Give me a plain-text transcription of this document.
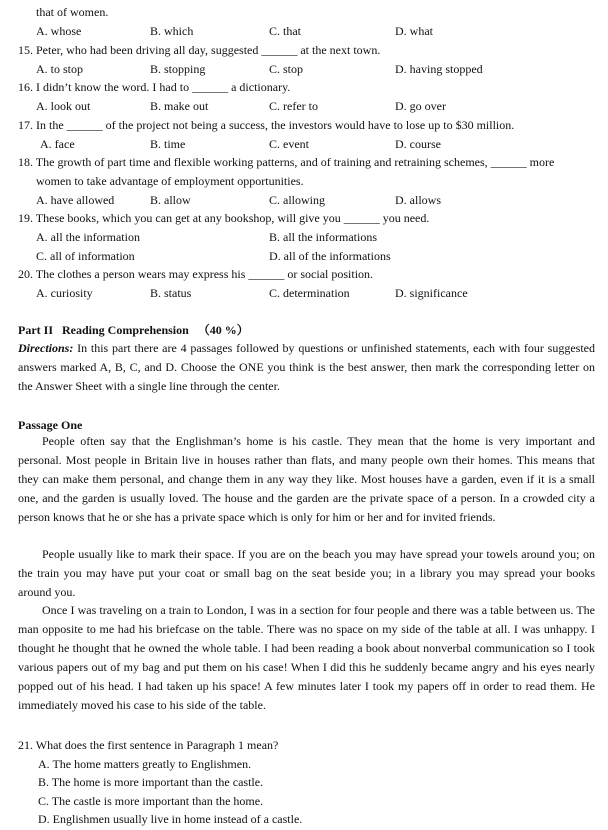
that of women.
A. whose	B. which	C. that	D. what
15. Peter, who had been driving all day, suggested ______ at the next town.
A. to stop	B. stopping	C. stop	D. having stopped
16. I didn’t know the word. I had to ______ a dictionary.
A. look out	B. make out	C. refer to	D. go over
17. In the ______ of the project not being a success, the investors would have to lose up to $30 million.
A. face	B. time	C. event	D. course
18. The growth of part time and flexible working patterns, and of training and retraining schemes, ______ more
women to take advantage of employment opportunities.
A. have allowed	B. allow	C. allowing	D. allows
19. These books, which you can get at any bookshop, will give you ______ you need.
A. all the information	B. all the informations
C. all of information	D. all of the informations
20. The clothes a person wears may express his ______ or social position.
A. curiosity	B. status	C. determination	D. significance
Part II   Reading Comprehension   （40 %）
Directions: In this part there are 4 passages followed by questions or unfinished statements, each with four suggested answers marked A, B, C, and D. Choose the ONE you think is the best answer, then mark the corresponding letter on the Answer Sheet with a single line through the center.
Passage One
People often say that the Englishman’s home is his castle. They mean that the home is very important and personal. Most people in Britain live in houses rather than flats, and many people own their homes. This means that they can make them personal, and change them in any way they like. Most houses have a garden, even if it is a small one, and the garden is usually loved. The house and the garden are the private space of a person. In a crowded city a person knows that he or she has a private space which is only for him or her and for invited friends.
People usually like to mark their space. If you are on the beach you may have spread your towels around you; on the train you may have put your coat or small bag on the seat beside you; in a library you may spread your books around you.
Once I was traveling on a train to London, I was in a section for four people and there was a table between us. The man opposite to me had his briefcase on the table. There was no space on my side of the table at all. I was unhappy. I thought he thought that he owned the whole table. I had been reading a book about nonverbal communication so I took various papers out of my bag and put them on his case! When I did this he suddenly became angry and his eyes nearly popped out of his head. I had taken up his space! A few minutes later I took my papers off in order to read them. He immediately moved his case to his side of the table.
21. What does the first sentence in Paragraph 1 mean?
A. The home matters greatly to Englishmen.
B. The home is more important than the castle.
C. The castle is more important than the home.
D. Englishmen usually live in home instead of a castle.
